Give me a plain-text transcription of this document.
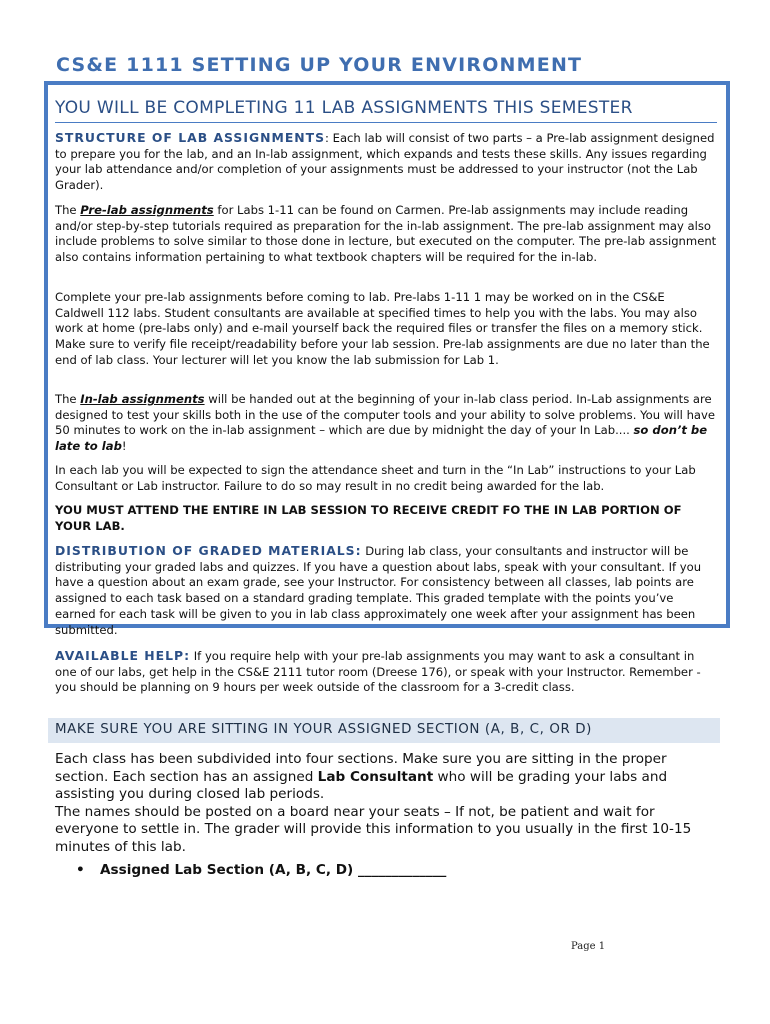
CS&E 1111 SETTING UP YOUR ENVIRONMENT
YOU WILL BE COMPLETING 11 LAB ASSIGNMENTS THIS SEMESTER

STRUCTURE OF LAB ASSIGNMENTS: Each lab will consist of two parts – a Pre-lab assignment designed to prepare you for the lab, and an In-lab assignment, which expands and tests these skills. Any issues regarding your lab attendance and/or completion of your assignments must be addressed to your instructor (not the Lab Grader).

The Pre-lab assignments for Labs 1-11 can be found on Carmen. Pre-lab assignments may include reading and/or step-by-step tutorials required as preparation for the in-lab assignment. The pre-lab assignment may also include problems to solve similar to those done in lecture, but executed on the computer. The pre-lab assignment also contains information pertaining to what textbook chapters will be required for the in-lab.

Complete your pre-lab assignments before coming to lab. Pre-labs 1-11 1 may be worked on in the CS&E Caldwell 112 labs. Student consultants are available at specified times to help you with the labs. You may also work at home (pre-labs only) and e-mail yourself back the required files or transfer the files on a memory stick. Make sure to verify file receipt/readability before your lab session. Pre-lab assignments are due no later than the end of lab class. Your lecturer will let you know the lab submission for Lab 1.

The In-lab assignments will be handed out at the beginning of your in-lab class period. In-Lab assignments are designed to test your skills both in the use of the computer tools and your ability to solve problems. You will have 50 minutes to work on the in-lab assignment – which are due by midnight the day of your In Lab.... so don’t be late to lab!

In each lab you will be expected to sign the attendance sheet and turn in the “In Lab” instructions to your Lab Consultant or Lab instructor. Failure to do so may result in no credit being awarded for the lab.

YOU MUST ATTEND THE ENTIRE IN LAB SESSION TO RECEIVE CREDIT FO THE IN LAB PORTION OF YOUR LAB.

DISTRIBUTION OF GRADED MATERIALS: During lab class, your consultants and instructor will be distributing your graded labs and quizzes. If you have a question about labs, speak with your consultant. If you have a question about an exam grade, see your Instructor. For consistency between all classes, lab points are assigned to each task based on a standard grading template. This graded template with the points you’ve earned for each task will be given to you in lab class approximately one week after your assignment has been submitted.

AVAILABLE HELP: If you require help with your pre-lab assignments you may want to ask a consultant in one of our labs, get help in the CS&E 2111 tutor room (Dreese 176), or speak with your Instructor. Remember - you should be planning on 9 hours per week outside of the classroom for a 3-credit class.

MAKE SURE YOU ARE SITTING IN YOUR ASSIGNED SECTION (A, B, C, OR D)

Each class has been subdivided into four sections. Make sure you are sitting in the proper section. Each section has an assigned Lab Consultant who will be grading your labs and assisting you during closed lab periods.

The names should be posted on a board near your seats – If not, be patient and wait for everyone to settle in. The grader will provide this information to you usually in the first 10-15 minutes of this lab.

• Assigned Lab Section (A, B, C, D) _____________
Page 1
